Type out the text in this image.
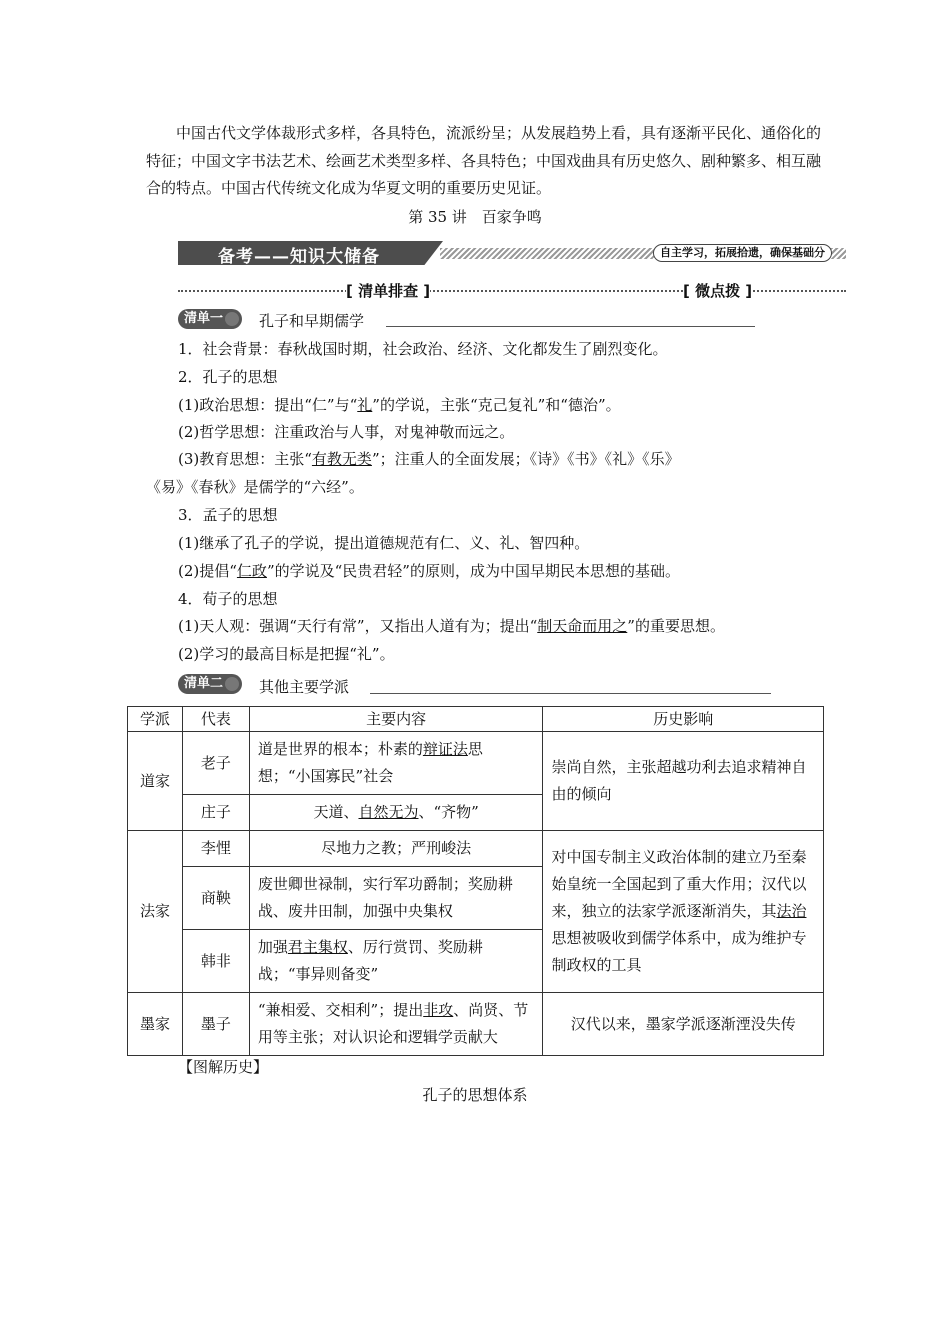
中国古代文学体裁形式多样，各具特色，流派纷呈；从发展趋势上看，具有逐渐平民化、通俗化的特征；中国文字书法艺术、绘画艺术类型多样、各具特色；中国戏曲具有历史悠久、剧种繁多、相互融合的特点。中国古代传统文化成为华夏文明的重要历史见证。
第 35 讲　百家争鸣
备考——知识大储备	自主学习，拓展拾遗，确保基础分
[ 清单排查 ]	[ 微点拨 ]
清单一	孔子和早期儒学
1．社会背景：春秋战国时期，社会政治、经济、文化都发生了剧烈变化。
2．孔子的思想
(1)政治思想：提出“仁”与“礼”的学说，主张“克己复礼”和“德治”。
(2)哲学思想：注重政治与人事，对鬼神敬而远之。
(3)教育思想：主张“有教无类”；注重人的全面发展；《诗》《书》《礼》《乐》
《易》《春秋》是儒学的“六经”。
3．孟子的思想
(1)继承了孔子的学说，提出道德规范有仁、义、礼、智四种。
(2)提倡“仁政”的学说及“民贵君轻”的原则，成为中国早期民本思想的基础。
4．荀子的思想
(1)天人观：强调“天行有常”，又指出人道有为；提出“制天命而用之”的重要思想。
(2)学习的最高目标是把握“礼”。
清单二	其他主要学派
学派	代表	主要内容	历史影响
道家	老子	道是世界的根本；朴素的辩证法思想；“小国寡民”社会	崇尚自然，主张超越功利去追求精神自由的倾向
	庄子	天道、自然无为、“齐物”	
法家	李悝	尽地力之教；严刑峻法	对中国专制主义政治体制的建立乃至秦始皇统一全国起到了重大作用；汉代以来，独立的法家学派逐渐消失，其法治思想被吸收到儒学体系中，成为维护专制政权的工具
	商鞅	废世卿世禄制，实行军功爵制；奖励耕战、废井田制，加强中央集权	
	韩非	加强君主集权、厉行赏罚、奖励耕战；“事异则备变”	
墨家	墨子	“兼相爱、交相利”；提出非攻、尚贤、节用等主张；对认识论和逻辑学贡献大	汉代以来，墨家学派逐渐湮没失传
【图解历史】
孔子的思想体系
